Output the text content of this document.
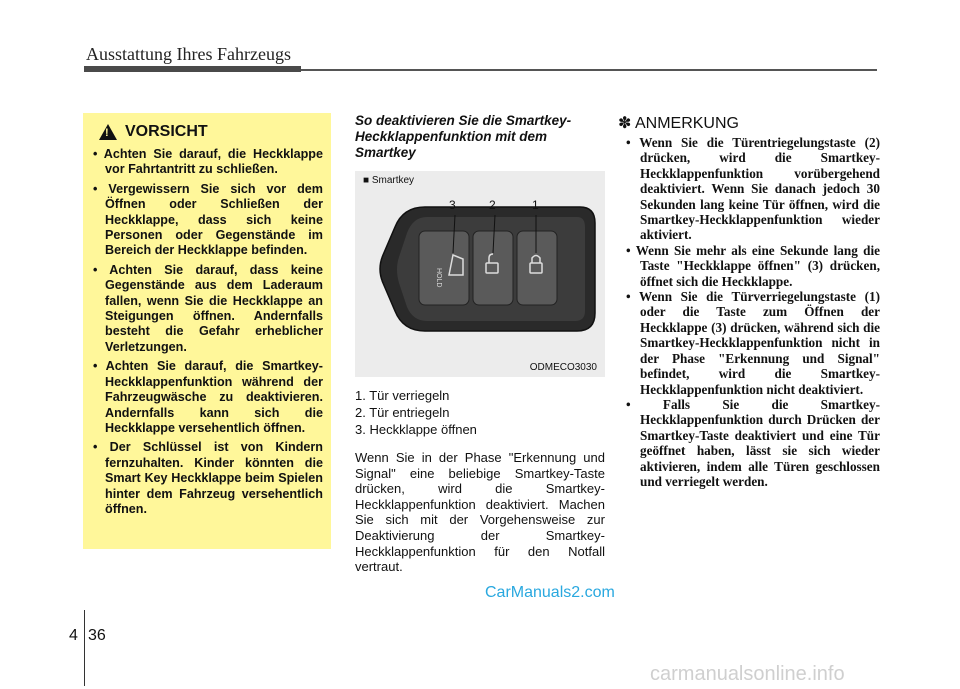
Ausstattung Ihres Fahrzeugs
!
VORSICHT
• Achten Sie darauf, die Heckklappe vor Fahrtantritt zu schließen.
• Vergewissern Sie sich vor dem Öffnen oder Schließen der Heckklappe, dass sich keine Personen oder Gegenstände im Bereich der Heckklappe befinden.
• Achten Sie darauf, dass keine Gegenstände aus dem Laderaum fallen, wenn Sie die Heckklappe an Steigungen öffnen. Andernfalls besteht die Gefahr erheblicher Verletzungen.
• Achten Sie darauf, die Smartkey-Heckklappenfunktion während der Fahrzeugwäsche zu deaktivieren. Andernfalls kann sich die Heckklappe versehentlich öffnen.
• Der Schlüssel ist von Kindern fernzuhalten. Kinder könnten die Smart Key Heckklappe beim Spielen hinter dem Fahrzeug versehentlich öffnen.

So deaktivieren Sie die Smartkey-Heckklappenfunktion mit dem Smartkey

■ Smartkey
HOLD
3	2	1
ODMECO3030
1. Tür verriegeln
2. Tür entriegeln
3. Heckklappe öffnen
Wenn Sie in der Phase "Erkennung und Signal" eine beliebige Smartkey-Taste drücken, wird die Smartkey-Heckklappenfunktion deaktiviert. Machen Sie sich mit der Vorgehensweise zur Deaktivierung der Smartkey-Heckklappenfunktion für den Notfall vertraut.

✽ ANMERKUNG

• Wenn Sie die Türentriegelungstaste (2) drücken, wird die Smartkey-Heckklappenfunktion vorübergehend deaktiviert. Wenn Sie danach jedoch 30 Sekunden lang keine Tür öffnen, wird die Smartkey-Heckklappenfunktion wieder aktiviert.
• Wenn Sie mehr als eine Sekunde lang die Taste "Heckklappe öffnen" (3) drücken, öffnet sich die Heckklappe.
• Wenn Sie die Türverriegelungstaste (1) oder die Taste zum Öffnen der Heckklappe (3) drücken, während sich die Smartkey-Heckklappenfunktion nicht in der Phase "Erkennung und Signal" befindet, wird die Smartkey-Heckklappenfunktion nicht deaktiviert.
• Falls Sie die Smartkey-Heckklappenfunktion durch Drücken der Smartkey-Taste deaktiviert und eine Tür geöffnet haben, lässt sie sich wieder aktivieren, indem alle Türen geschlossen und verriegelt werden.
CarManuals2.com
4 36
carmanualsonline.info
